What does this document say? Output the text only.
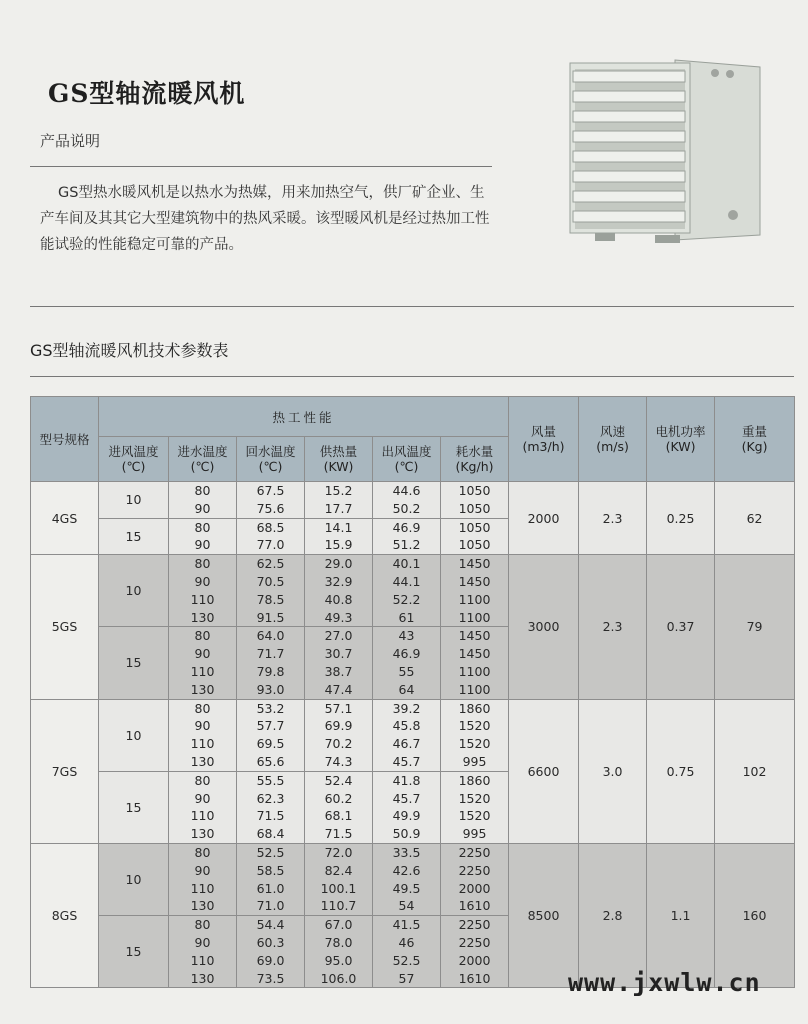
GS型轴流暖风机
产品说明
GS型热水暖风机是以热水为热媒，用来加热空气，供厂矿企业、生产车间及其其它大型建筑物中的热风采暖。该型暖风机是经过热加工性能试验的性能稳定可靠的产品。
GS型轴流暖风机技术参数表
型号规格	热工性能						风量
(m3/h)	风速
(m/s)	电机功率
(KW)	重量
(Kg)

	进风温度
(℃)	进水温度
(℃)	回水温度
(℃)	供热量
(KW)	出风温度
(℃)	耗水量
(Kg/h)				

4GS	10	80
90	67.5
75.6	15.2
17.7	44.6
50.2	1050
1050	2000	2.3	0.25	62
	15	80
90	68.5
77.0	14.1
15.9	46.9
51.2	1050
1050				

5GS	10	80
90
110
130	62.5
70.5
78.5
91.5	29.0
32.9
40.8
49.3	40.1
44.1
52.2
61	1450
1450
1100
1100	3000	2.3	0.37	79
	15	80
90
110
130	64.0
71.7
79.8
93.0	27.0
30.7
38.7
47.4	43
46.9
55
64	1450
1450
1100
1100				

7GS	10	80
90
110
130	53.2
57.7
69.5
65.6	57.1
69.9
70.2
74.3	39.2
45.8
46.7
45.7	1860
1520
1520
995	6600	3.0	0.75	102
	15	80
90
110
130	55.5
62.3
71.5
68.4	52.4
60.2
68.1
71.5	41.8
45.7
49.9
50.9	1860
1520
1520
995				

8GS	10	80
90
110
130	52.5
58.5
61.0
71.0	72.0
82.4
100.1
110.7	33.5
42.6
49.5
54	2250
2250
2000
1610	8500	2.8	1.1	160
	15	80
90
110
130	54.4
60.3
69.0
73.5	67.0
78.0
95.0
106.0	41.5
46
52.5
57	2250
2250
2000
1610					www.jxwlw.cn
